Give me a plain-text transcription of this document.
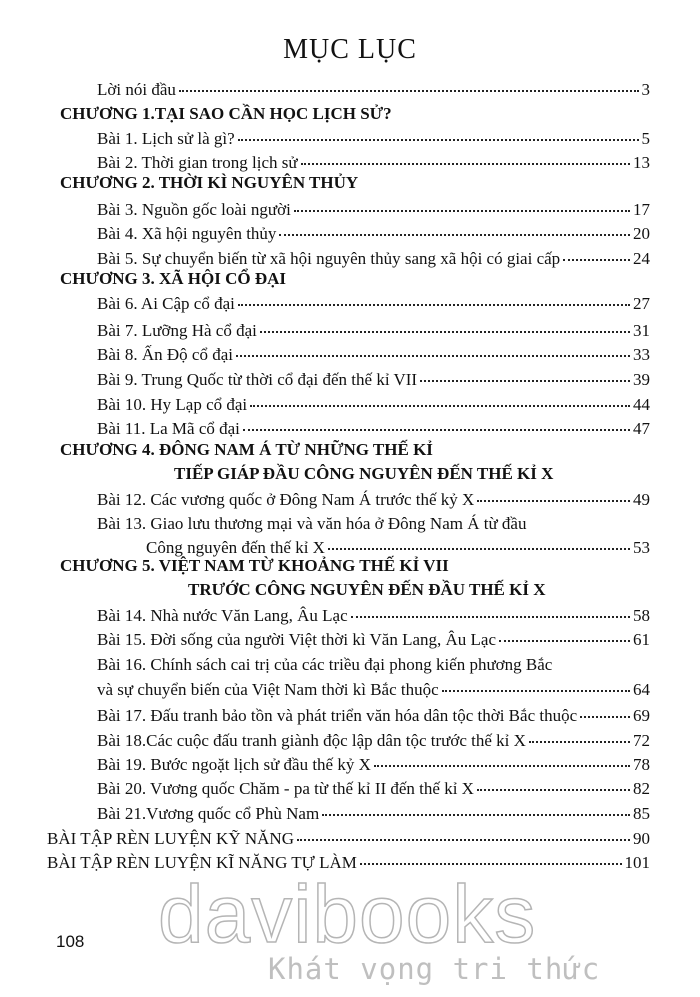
MỤC LỤC
Lời nói đầu	3
CHƯƠNG 1.TẠI SAO CẦN HỌC LỊCH SỬ?
Bài 1. Lịch sử là gì?	5
Bài 2. Thời gian trong lịch sử	13
CHƯƠNG 2. THỜI KÌ NGUYÊN THỦY
Bài 3. Nguồn gốc loài người	17
Bài 4. Xã hội nguyên thủy	20
Bài 5. Sự chuyển biến từ xã hội nguyên thủy sang xã hội có giai cấp	24
CHƯƠNG 3. XÃ HỘI CỔ ĐẠI
Bài 6. Ai Cập cổ đại	27
Bài 7. Lưỡng Hà cổ đại	31
Bài 8. Ấn Độ cổ đại	33
Bài 9. Trung Quốc từ thời cổ đại đến thế kỉ VII	39
Bài 10. Hy Lạp cổ đại	44
Bài 11. La Mã cổ đại	47
CHƯƠNG 4. ĐÔNG NAM Á TỪ NHỮNG THẾ KỈ
TIẾP GIÁP ĐẦU CÔNG NGUYÊN ĐẾN THẾ KỈ X
Bài 12. Các vương quốc ở Đông Nam Á trước thế kỷ X	49
Bài 13. Giao lưu thương mại và văn hóa ở Đông Nam Á từ đầu
Công nguyên đến thế kỉ X	53
CHƯƠNG 5. VIỆT NAM TỪ KHOẢNG THẾ KỈ VII
TRƯỚC CÔNG NGUYÊN ĐẾN ĐẦU THẾ KỈ X
Bài 14. Nhà nước Văn Lang, Âu Lạc	58
Bài 15. Đời sống của người Việt thời kì Văn Lang, Âu Lạc	61
Bài 16. Chính sách cai trị của các triều đại phong kiến phương Bắc
và sự chuyển biến của Việt Nam thời kì Bắc thuộc	64
Bài 17. Đấu tranh bảo tồn và phát triển văn hóa dân tộc thời Bắc thuộc	69
Bài 18.Các cuộc đấu tranh giành độc lập dân tộc trước thế kỉ X	72
Bài 19. Bước ngoặt lịch sử đầu thế kỷ X	78
Bài 20. Vương quốc Chăm - pa từ thế kỉ II đến thế kỉ X	82
Bài 21.Vương quốc cổ Phù Nam	85
BÀI TẬP RÈN LUYỆN KỸ NĂNG	90
BÀI TẬP RÈN LUYỆN KĨ NĂNG TỰ LÀM	101
davibooks
Khát vọng tri thức
108
